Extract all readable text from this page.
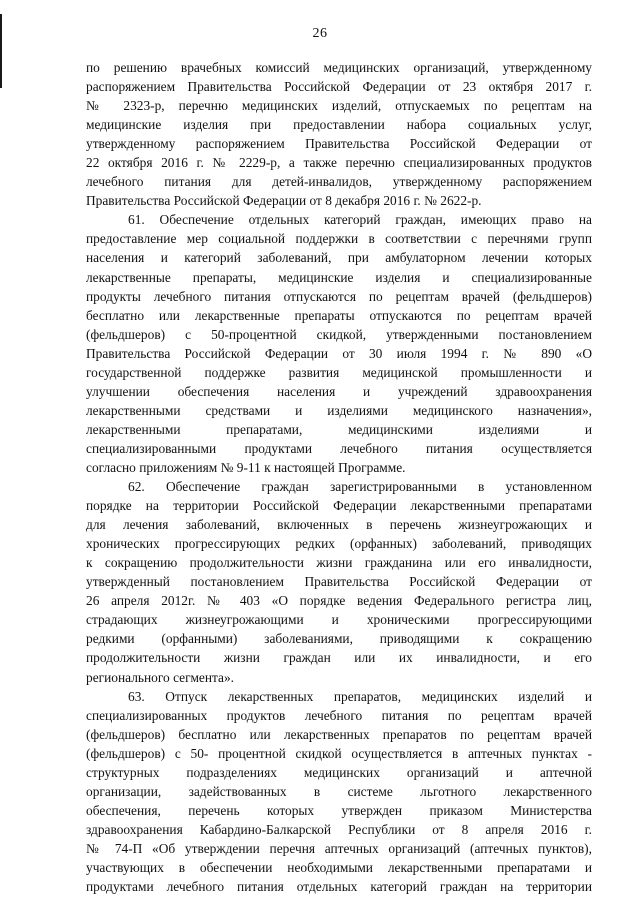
26
по решению врачебных комиссий медицинских организаций, утвержденному
распоряжением Правительства Российской Федерации от 23 октября 2017 г.
№ 2323-р, перечню медицинских изделий, отпускаемых по рецептам на
медицинские изделия при предоставлении набора социальных услуг,
утвержденному распоряжением Правительства Российской Федерации от
22 октября 2016 г. № 2229-р, а также перечню специализированных продуктов
лечебного питания для детей-инвалидов, утвержденному распоряжением
Правительства Российской Федерации от 8 декабря 2016 г. № 2622-р.
61. Обеспечение отдельных категорий граждан, имеющих право на
предоставление мер социальной поддержки в соответствии с перечнями групп
населения и категорий заболеваний, при амбулаторном лечении которых
лекарственные препараты, медицинские изделия и специализированные
продукты лечебного питания отпускаются по рецептам врачей (фельдшеров)
бесплатно или лекарственные препараты отпускаются по рецептам врачей
(фельдшеров) с 50-процентной скидкой, утвержденными постановлением
Правительства Российской Федерации от 30 июля 1994 г. № 890 «О
государственной поддержке развития медицинской промышленности и
улучшении обеспечения населения и учреждений здравоохранения
лекарственными средствами и изделиями медицинского назначения»,
лекарственными препаратами, медицинскими изделиями и
специализированными продуктами лечебного питания осуществляется
согласно приложениям № 9-11 к настоящей Программе.
62. Обеспечение граждан зарегистрированными в установленном
порядке на территории Российской Федерации лекарственными препаратами
для лечения заболеваний, включенных в перечень жизнеугрожающих и
хронических прогрессирующих редких (орфанных) заболеваний, приводящих
к сокращению продолжительности жизни гражданина или его инвалидности,
утвержденный постановлением Правительства Российской Федерации от
26 апреля 2012г. № 403 «О порядке ведения Федерального регистра лиц,
страдающих жизнеугрожающими и хроническими прогрессирующими
редкими (орфанными) заболеваниями, приводящими к сокращению
продолжительности жизни граждан или их инвалидности, и его
регионального сегмента».
63. Отпуск лекарственных препаратов, медицинских изделий и
специализированных продуктов лечебного питания по рецептам врачей
(фельдшеров) бесплатно или лекарственных препаратов по рецептам врачей
(фельдшеров) с 50- процентной скидкой осуществляется в аптечных пунктах -
структурных подразделениях медицинских организаций и аптечной
организации, задействованных в системе льготного лекарственного
обеспечения, перечень которых утвержден приказом Министерства
здравоохранения Кабардино-Балкарской Республики от 8 апреля 2016 г.
№ 74-П «Об утверждении перечня аптечных организаций (аптечных пунктов),
участвующих в обеспечении необходимыми лекарственными препаратами и
продуктами лечебного питания отдельных категорий граждан на территории
